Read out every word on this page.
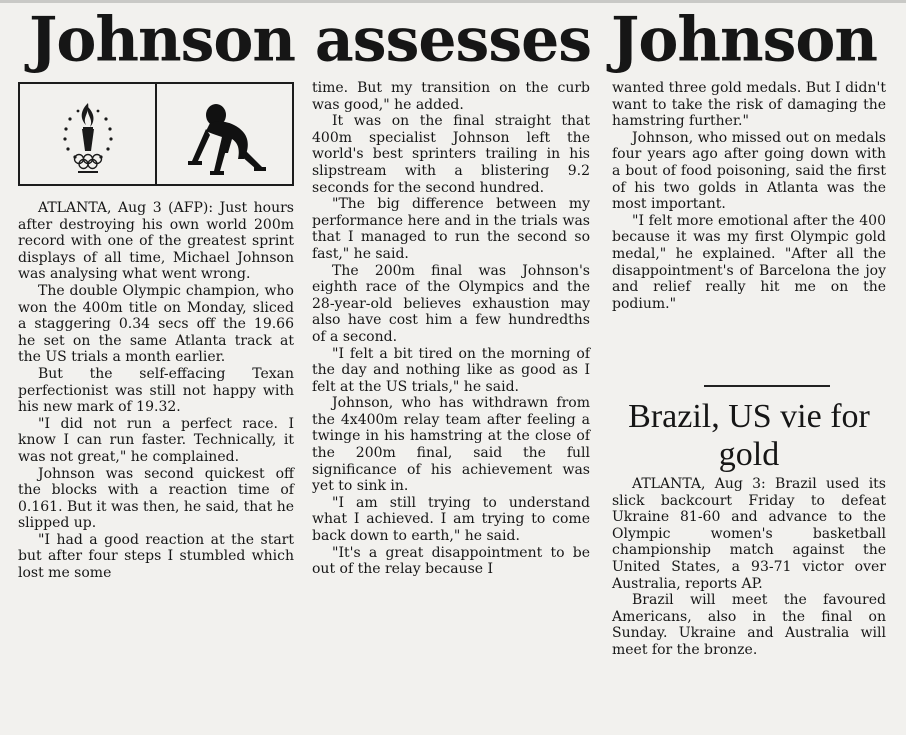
Johnson assesses Johnson

ATLANTA, Aug 3 (AFP): Just hours after destroying his own world 200m record with one of the greatest sprint displays of all time, Michael Johnson was analysing what went wrong.

The double Olympic champion, who won the 400m title on Monday, sliced a staggering 0.34 secs off the 19.66 he set on the same Atlanta track at the US trials a month earlier.

But the self-effacing Texan perfectionist was still not happy with his new mark of 19.32.

"I did not run a perfect race. I know I can run faster. Technically, it was not great," he complained.

Johnson was second quickest off the blocks with a reaction time of 0.161. But it was then, he said, that he slipped up.

"I had a good reaction at the start but after four steps I stumbled which lost me some

time. But my transition on the curb was good," he added.

It was on the final straight that 400m specialist Johnson left the world's best sprinters trailing in his slipstream with a blistering 9.2 seconds for the second hundred.

"The big difference between my performance here and in the trials was that I managed to run the second so fast," he said.

The 200m final was Johnson's eighth race of the Olympics and the 28-year-old believes exhaustion may also have cost him a few hundredths of a second.

"I felt a bit tired on the morning of the day and nothing like as good as I felt at the US trials," he said.

Johnson, who has withdrawn from the 4x400m relay team after feeling a twinge in his hamstring at the close of the 200m final, said the full significance of his achievement was yet to sink in.

"I am still trying to understand what I achieved. I am trying to come back down to earth," he said.

"It's a great disappointment to be out of the relay because I

wanted three gold medals. But I didn't want to take the risk of damaging the hamstring further."

Johnson, who missed out on medals four years ago after going down with a bout of food poisoning, said the first of his two golds in Atlanta was the most important.

"I felt more emotional after the 400 because it was my first Olympic gold medal," he explained. "After all the disappointment's of Barcelona the joy and relief really hit me on the podium."

Brazil, US vie for gold

ATLANTA, Aug 3: Brazil used its slick backcourt Friday to defeat Ukraine 81-60 and advance to the Olympic women's basketball championship match against the United States, a 93-71 victor over Australia, reports AP.

Brazil will meet the favoured Americans, also in the final on Sunday. Ukraine and Australia will meet for the bronze.
